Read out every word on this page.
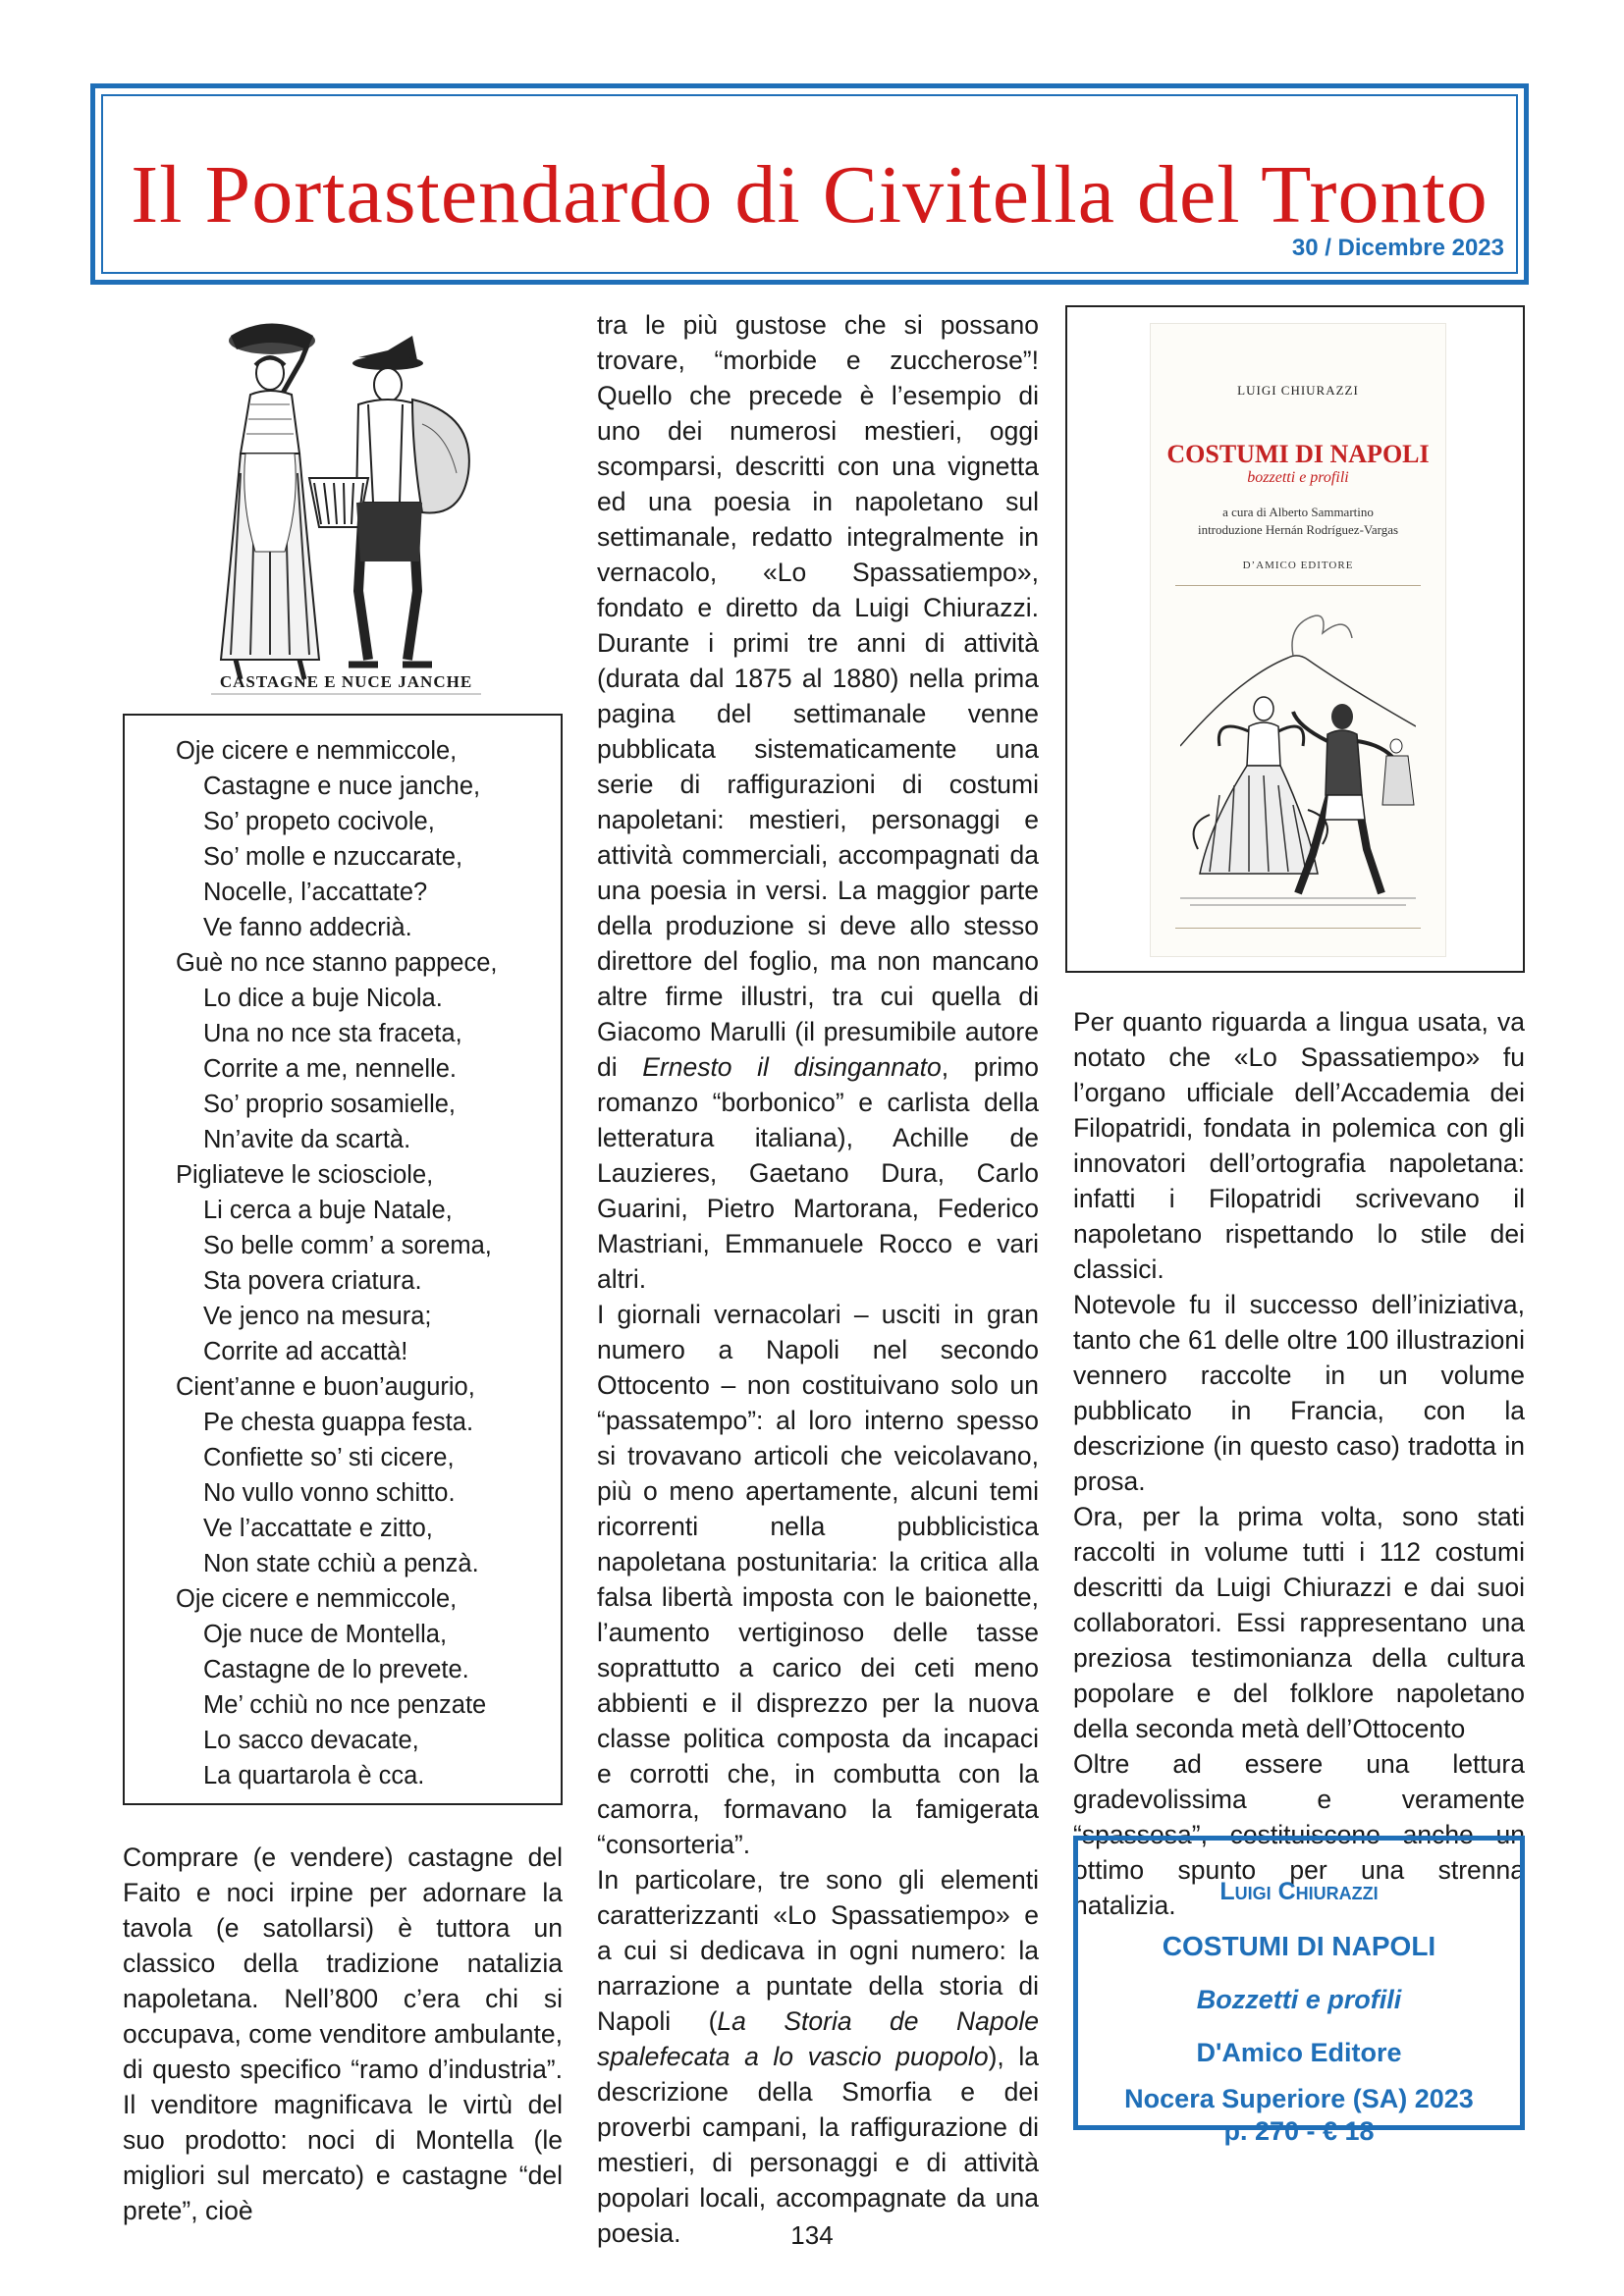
Il Portastendardo di Civitella del Tronto
30 / Dicembre 2023
CASTAGNE E NUCE JANCHE
Oje cicere e nemmiccole,
Castagne e nuce janche,
So’ propeto cocivole,
So’ molle e nzuccarate,
Nocelle, l’accattate?
Ve fanno addecrià.
Guè no nce stanno pappece,
Lo dice a buje Nicola.
Una no nce sta fraceta,
Corrite a me, nennelle.
So’ proprio sosamielle,
Nn’avite da scartà.
Pigliateve le sciosciole,
Li cerca a buje Natale,
So belle comm’ a sorema,
Sta povera criatura.
Ve jenco na mesura;
Corrite ad accattà!
Cient’anne e buon’augurio,
Pe chesta guappa festa.
Confiette so’ sti cicere,
No vullo vonno schitto.
Ve l’accattate e zitto,
Non state cchiù a penzà.
Oje cicere e nemmiccole,
Oje nuce de Montella,
Castagne de lo prevete.
Me’ cchiù no nce penzate
Lo sacco devacate,
La quartarola è cca.

Comprare (e vendere) castagne del Faito e noci irpine per adornare la tavola (e satollarsi) è tuttora un classico della tradizione natalizia napoletana. Nell’800 c’era chi si occupava, come venditore ambulante, di questo specifico “ramo d’industria”. Il venditore magnificava le virtù del suo prodotto: noci di Montella (le migliori sul mercato) e castagne “del prete”, cioè

tra le più gustose che si possano trovare, “morbide e zuccherose”! Quello che precede è l’esempio di uno dei numerosi mestieri, oggi scomparsi, descritti con una vignetta ed una poesia in napoletano sul settimanale, redatto integralmente in vernacolo, «Lo Spassatiempo», fondato e diretto da Luigi Chiurazzi. Durante i primi tre anni di attività (durata dal 1875 al 1880) nella prima pagina del settimanale venne pubblicata sistematicamente una serie di raffigurazioni di costumi napoletani: mestieri, personaggi e attività commerciali, accompagnati da una poesia in versi. La maggior parte della produzione si deve allo stesso direttore del foglio, ma non mancano altre firme illustri, tra cui quella di Giacomo Marulli (il presumibile autore di Ernesto il disingannato, primo romanzo “borbonico” e carlista della letteratura italiana), Achille de Lauzieres, Gaetano Dura, Carlo Guarini, Pietro Martorana, Federico Mastriani, Emmanuele Rocco e vari altri.

I giornali vernacolari – usciti in gran numero a Napoli nel secondo Ottocento – non costituivano solo un “passatempo”: al loro interno spesso si trovavano articoli che veicolavano, più o meno apertamente, alcuni temi ricorrenti nella pubblicistica napoletana postunitaria: la critica alla falsa libertà imposta con le baionette, l’aumento vertiginoso delle tasse soprattutto a carico dei ceti meno abbienti e il disprezzo per la nuova classe politica composta da incapaci e corrotti che, in combutta con la camorra, formavano la famigerata “consorteria”.

In particolare, tre sono gli elementi caratterizzanti «Lo Spassatiempo» e a cui si dedicava in ogni numero: la narrazione a puntate della storia di Napoli (La Storia de Napole spalefecata a lo vascio puopolo), la descrizione della Smorfia e dei proverbi campani, la raffigurazione di mestieri, di personaggi e di attività popolari locali, accompagnate da una poesia.

LUIGI CHIURAZZI
COSTUMI DI NAPOLI
bozzetti e profili
a cura di Alberto Sammartino
introduzione Hernán Rodríguez-Vargas
D’AMICO EDITORE

Per quanto riguarda a lingua usata, va notato che «Lo Spassatiempo» fu l’organo ufficiale dell’Accademia dei Filopatridi, fondata in polemica con gli innovatori dell’ortografia napoletana: infatti i Filopatridi scrivevano il napoletano rispettando lo stile dei classici.

Notevole fu il successo dell’iniziativa, tanto che 61 delle oltre 100 illustrazioni vennero raccolte in un volume pubblicato in Francia, con la descrizione (in questo caso) tradotta in prosa.

Ora, per la prima volta, sono stati raccolti in volume tutti i 112 costumi descritti da Luigi Chiurazzi e dai suoi collaboratori. Essi rappresentano una preziosa testimonianza della cultura popolare e del folklore napoletano della seconda metà dell’Ottocento

Oltre ad essere una lettura gradevolissima e veramente “spassosa”, costituiscono anche un ottimo spunto per una strenna natalizia.	Luigi Chiurazzi
COSTUMI DI NAPOLI
Bozzetti e profili
D'Amico Editore
Nocera Superiore (SA) 2023
p. 270 - € 18
134
